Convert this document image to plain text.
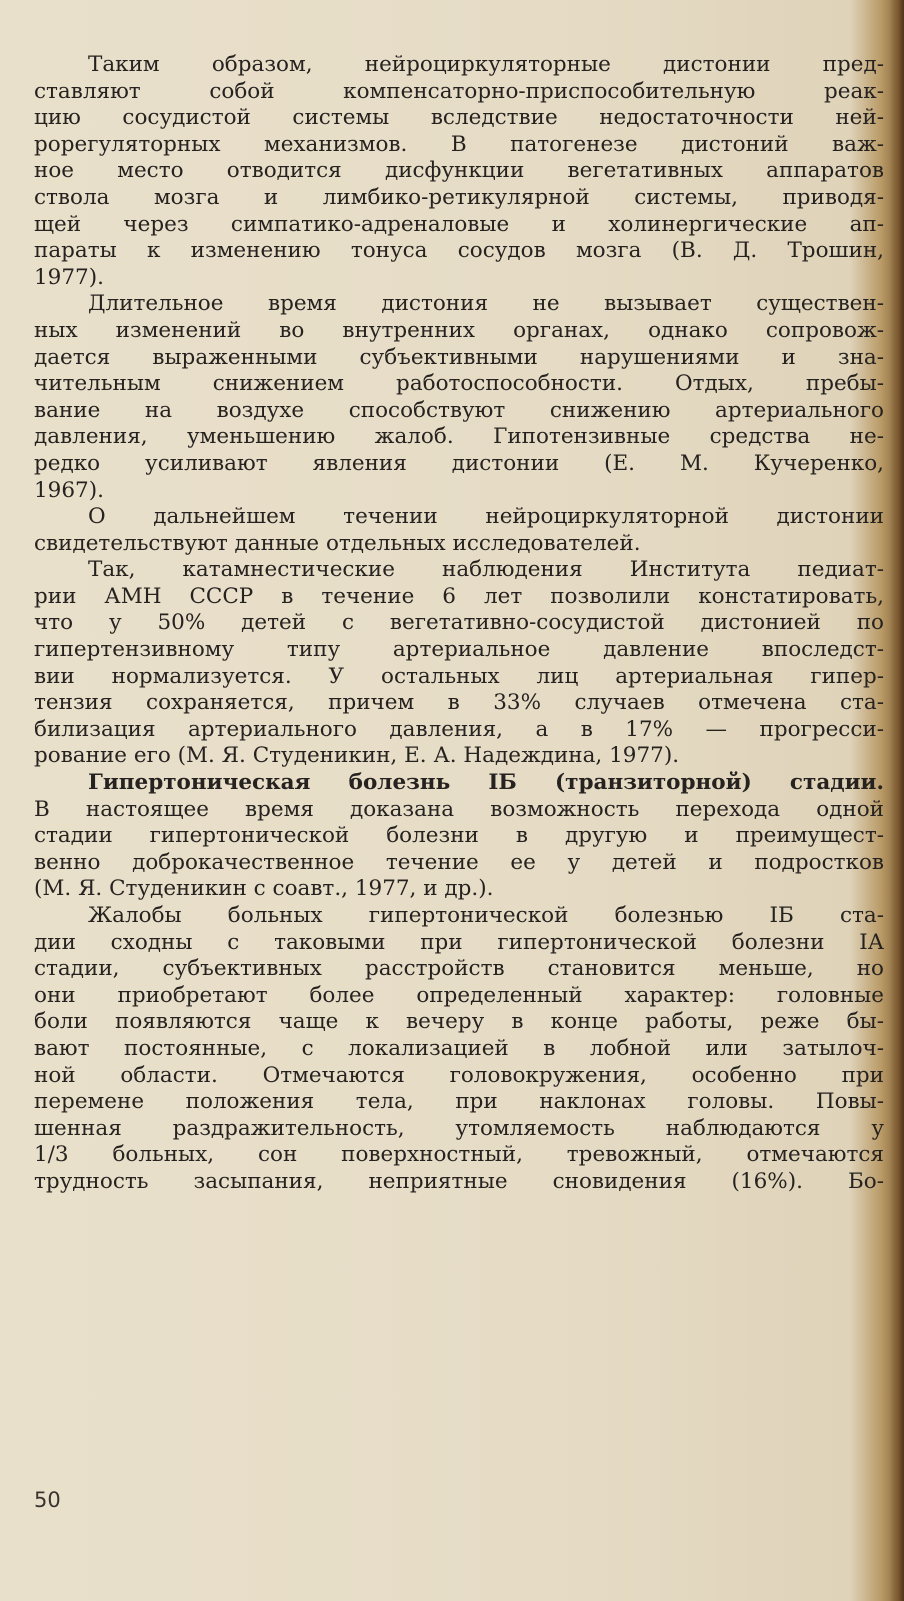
Таким образом, нейроциркуляторные дистонии пред-
ставляют собой компенсаторно-приспособительную реак-
цию сосудистой системы вследствие недостаточности ней-
popeгуляторных механизмов. В патогенезе дистоний важ-
ное место отводится дисфункции вегетативных аппаратов
ствола мозга и лимбико-ретикулярной системы, приводя-
щей через симпатико-адреналовые и холинергические ап-
параты к изменению тонуса сосудов мозга (В. Д. Трошин,
1977).
Длительное время дистония не вызывает существен-
ных изменений во внутренних органах, однако сопровож-
дается выраженными субъективными нарушениями и зна-
чительным снижением работоспособности. Отдых, пребы-
вание на воздухе способствуют снижению артериального
давления, уменьшению жалоб. Гипотензивные средства не-
редко усиливают явления дистонии (Е. М. Кучеренко,
1967).
О дальнейшем течении нейроциркуляторной дистонии
свидетельствуют данные отдельных исследователей.
Так, катамнестические наблюдения Института педиат-
рии АМН СССР в течение 6 лет позволили констатировать,
что у 50% детей с вегетативно-сосудистой дистонией по
гипертензивному типу артериальное давление впоследст-
вии нормализуется. У остальных лиц артериальная гипер-
тензия сохраняется, причем в 33% случаев отмечена ста-
билизация артериального давления, а в 17% — прогресси-
рование его (М. Я. Студеникин, Е. А. Надеждина, 1977).
Гипертоническая болезнь IБ (транзиторной) стадии.
В настоящее время доказана возможность перехода одной
стадии гипертонической болезни в другую и преимущест-
венно доброкачественное течение ее у детей и подростков
(М. Я. Студеникин с соавт., 1977, и др.).
Жалобы больных гипертонической болезнью IБ ста-
дии сходны с таковыми при гипертонической болезни IА
стадии, субъективных расстройств становится меньше, но
они приобретают более определенный характер: головные
боли появляются чаще к вечеру в конце работы, реже бы-
вают постоянные, с локализацией в лобной или затылоч-
ной области. Отмечаются головокружения, особенно при
перемене положения тела, при наклонах головы. Повы-
шенная раздражительность, утомляемость наблюдаются у
1/3 больных, сон поверхностный, тревожный, отмечаются
трудность засыпания, неприятные сновидения (16%). Бо-
50
